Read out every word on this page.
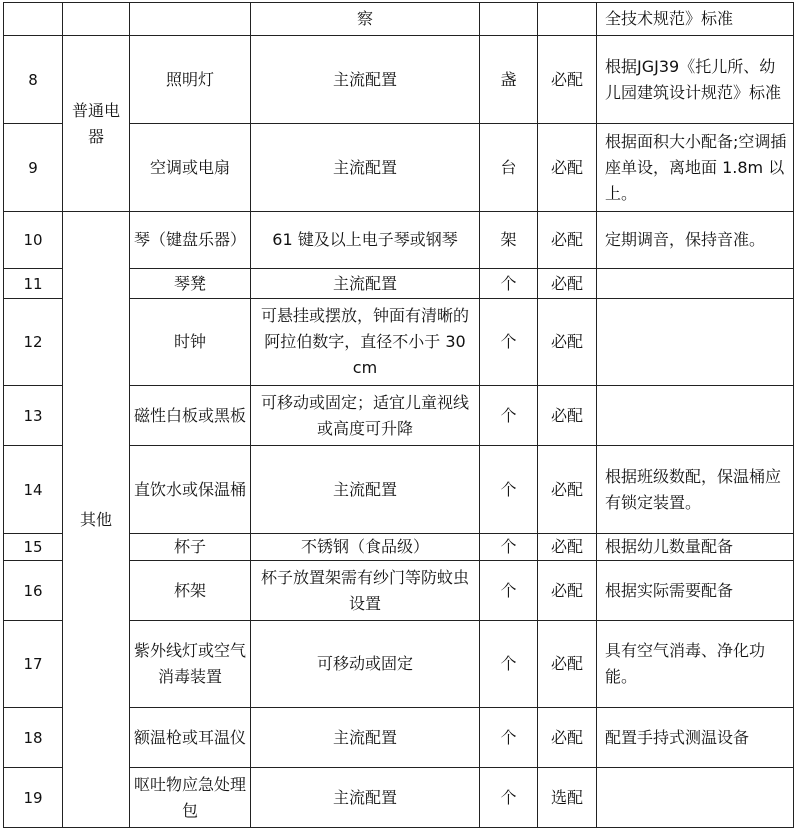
			察			全技术规范》标准
8	普通电器	照明灯	主流配置	盏	必配	根据JGJ39《托儿所、幼儿园建筑设计规范》标准
9		空调或电扇	主流配置	台	必配	根据面积大小配备;空调插座单设，离地面 1.8m 以上。
10	其他	琴（键盘乐器）	61 键及以上电子琴或钢琴	架	必配	定期调音，保持音准。
11		琴凳	主流配置	个	必配	
12		时钟	可悬挂或摆放，钟面有清晰的阿拉伯数字，直径不小于 30 cm	个	必配	
13		磁性白板或黑板	可移动或固定；适宜儿童视线或高度可升降	个	必配	
14		直饮水或保温桶	主流配置	个	必配	根据班级数配，保温桶应有锁定装置。
15		杯子	不锈钢（食品级）	个	必配	根据幼儿数量配备
16		杯架	杯子放置架需有纱门等防蚊虫设置	个	必配	根据实际需要配备
17		紫外线灯或空气消毒装置	可移动或固定	个	必配	具有空气消毒、净化功能。
18		额温枪或耳温仪	主流配置	个	必配	配置手持式测温设备
19		呕吐物应急处理包	主流配置	个	选配	
